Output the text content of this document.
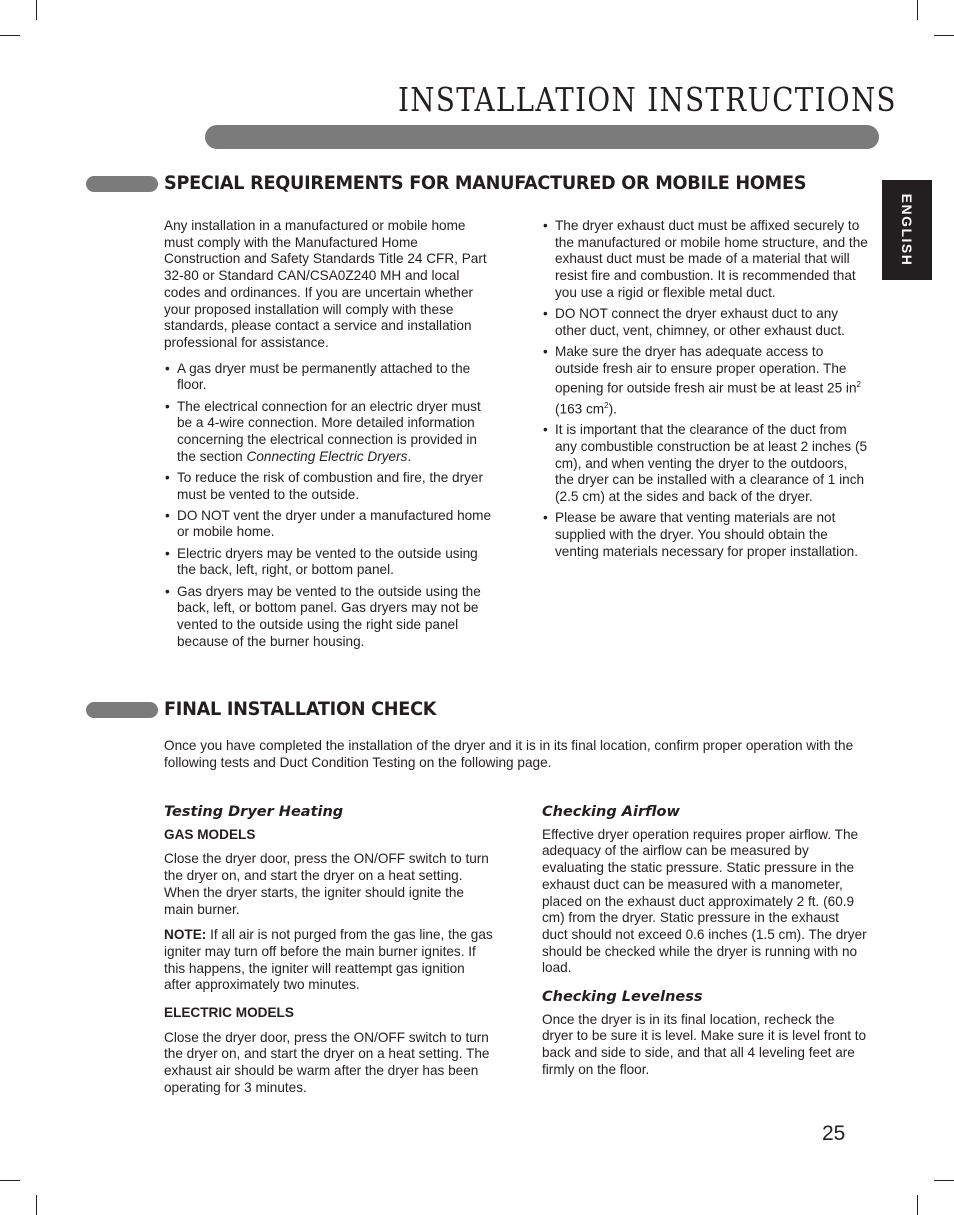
INSTALLATION INSTRUCTIONS
ENGLISH
SPECIAL REQUIREMENTS FOR MANUFACTURED OR MOBILE HOMES

Any installation in a manufactured or mobile home must comply with the Manufactured Home Construction and Safety Standards Title 24 CFR, Part 32-80 or Standard CAN/CSA0Z240 MH and local codes and ordinances. If you are uncertain whether your proposed installation will comply with these standards, please contact a service and installation professional for assistance.

• A gas dryer must be permanently attached to the floor.
• The electrical connection for an electric dryer must be a 4-wire connection. More detailed information concerning the electrical connection is provided in the section Connecting Electric Dryers.
• To reduce the risk of combustion and fire, the dryer must be vented to the outside.
• DO NOT vent the dryer under a manufactured home or mobile home.
• Electric dryers may be vented to the outside using the back, left, right, or bottom panel.
• Gas dryers may be vented to the outside using the back, left, or bottom panel. Gas dryers may not be vented to the outside using the right side panel because of the burner housing.
• The dryer exhaust duct must be affixed securely to the manufactured or mobile home structure, and the exhaust duct must be made of a material that will resist fire and combustion. It is recommended that you use a rigid or flexible metal duct.
• DO NOT connect the dryer exhaust duct to any other duct, vent, chimney, or other exhaust duct.
• Make sure the dryer has adequate access to outside fresh air to ensure proper operation. The opening for outside fresh air must be at least 25 $in^2$ (163 $cm^2$).
• It is important that the clearance of the duct from any combustible construction be at least 2 inches (5 cm), and when venting the dryer to the outdoors, the dryer can be installed with a clearance of 1 inch (2.5 cm) at the sides and back of the dryer.
• Please be aware that venting materials are not supplied with the dryer. You should obtain the venting materials necessary for proper installation.
FINAL INSTALLATION CHECK

Once you have completed the installation of the dryer and it is in its final location, confirm proper operation with the following tests and Duct Condition Testing on the following page.

Testing Dryer Heating

GAS MODELS

Close the dryer door, press the ON/OFF switch to turn the dryer on, and start the dryer on a heat setting. When the dryer starts, the igniter should ignite the main burner.

NOTE: If all air is not purged from the gas line, the gas igniter may turn off before the main burner ignites. If this happens, the igniter will reattempt gas ignition after approximately two minutes.

ELECTRIC MODELS

Close the dryer door, press the ON/OFF switch to turn the dryer on, and start the dryer on a heat setting. The exhaust air should be warm after the dryer has been operating for 3 minutes.

Checking Airflow

Effective dryer operation requires proper airflow. The adequacy of the airflow can be measured by evaluating the static pressure. Static pressure in the exhaust duct can be measured with a manometer, placed on the exhaust duct approximately 2 ft. (60.9 cm) from the dryer. Static pressure in the exhaust duct should not exceed 0.6 inches (1.5 cm). The dryer should be checked while the dryer is running with no load.

Checking Levelness

Once the dryer is in its final location, recheck the dryer to be sure it is level. Make sure it is level front to back and side to side, and that all 4 leveling feet are firmly on the floor.

25
